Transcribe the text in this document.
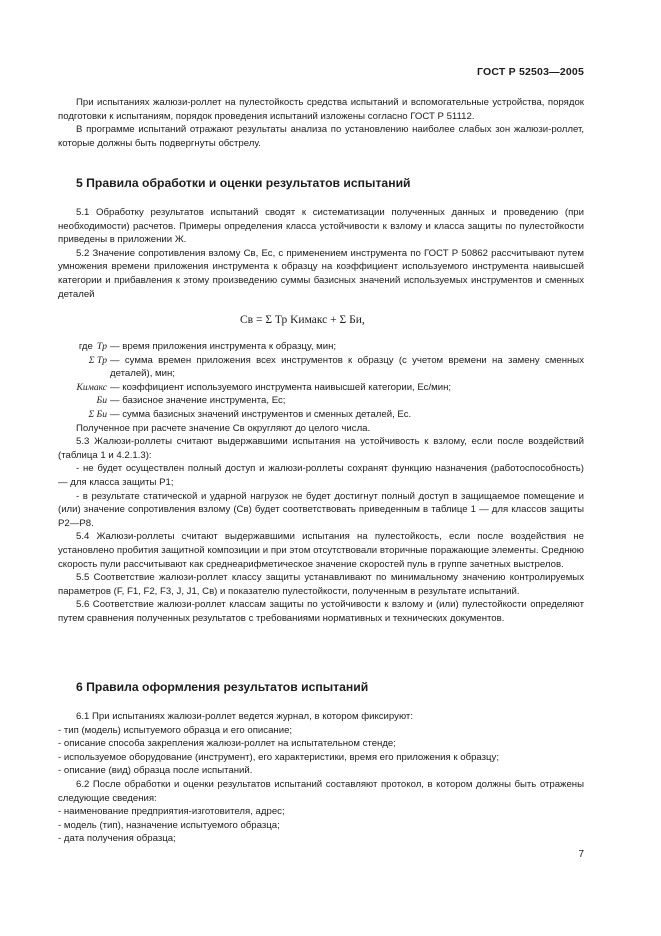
ГОСТ Р 52503—2005

При испытаниях жалюзи-роллет на пулестойкость средства испытаний и вспомогательные устройства, порядок подготовки к испытаниям, порядок проведения испытаний изложены согласно ГОСТ Р 51112.

В программе испытаний отражают результаты анализа по установлению наиболее слабых зон жалюзи-роллет, которые должны быть подвергнуты обстрелу.

5 Правила обработки и оценки результатов испытаний

5.1 Обработку результатов испытаний сводят к систематизации полученных данных и проведению (при необходимости) расчетов. Примеры определения класса устойчивости к взлому и класса защиты по пулестойкости приведены в приложении Ж.

5.2 Значение сопротивления взлому Св, Ес, с применением инструмента по ГОСТ Р 50862 рассчитывают путем умножения времени приложения инструмента к образцу на коэффициент используемого инструмента наивысшей категории и прибавления к этому произведению суммы базисных значений используемых инструментов и сменных деталей

Св = Σ Тр Kимакс + Σ Би,
где Tр — время приложения инструмента к образцу, мин;
Σ Tр — сумма времен приложения всех инструментов к образцу (с учетом времени на замену сменных деталей), мин;
Kимакс — коэффициент используемого инструмента наивысшей категории, Ес/мин;
Би — базисное значение инструмента, Ес;
Σ Би — сумма базисных значений инструментов и сменных деталей, Ес.

Полученное при расчете значение Св округляют до целого числа.

5.3 Жалюзи-роллеты считают выдержавшими испытания на устойчивость к взлому, если после воздействий (таблица 1 и 4.2.1.3):

- не будет осуществлен полный доступ и жалюзи-роллеты сохранят функцию назначения (работоспособность) — для класса защиты Р1;

- в результате статической и ударной нагрузок не будет достигнут полный доступ в защищаемое помещение и (или) значение сопротивления взлому (Св) будет соответствовать приведенным в таблице 1 — для классов защиты Р2—Р8.

5.4 Жалюзи-роллеты считают выдержавшими испытания на пулестойкость, если после воздействия не установлено пробития защитной композиции и при этом отсутствовали вторичные поражающие элементы. Среднюю скорость пули рассчитывают как среднеарифметическое значение скоростей пуль в группе зачетных выстрелов.

5.5 Соответствие жалюзи-роллет классу защиты устанавливают по минимальному значению контролируемых параметров (F, F1, F2, F3, J, J1, Св) и показателю пулестойкости, полученным в результате испытаний.

5.6 Соответствие жалюзи-роллет классам защиты по устойчивости к взлому и (или) пулестойкости определяют путем сравнения полученных результатов с требованиями нормативных и технических документов.

6 Правила оформления результатов испытаний

6.1 При испытаниях жалюзи-роллет ведется журнал, в котором фиксируют:

- тип (модель) испытуемого образца и его описание;

- описание способа закрепления жалюзи-роллет на испытательном стенде;

- используемое оборудование (инструмент), его характеристики, время его приложения к образцу;

- описание (вид) образца после испытаний.

6.2 После обработки и оценки результатов испытаний составляют протокол, в котором должны быть отражены следующие сведения:

- наименование предприятия-изготовителя, адрес;

- модель (тип), назначение испытуемого образца;

- дата получения образца;

7
